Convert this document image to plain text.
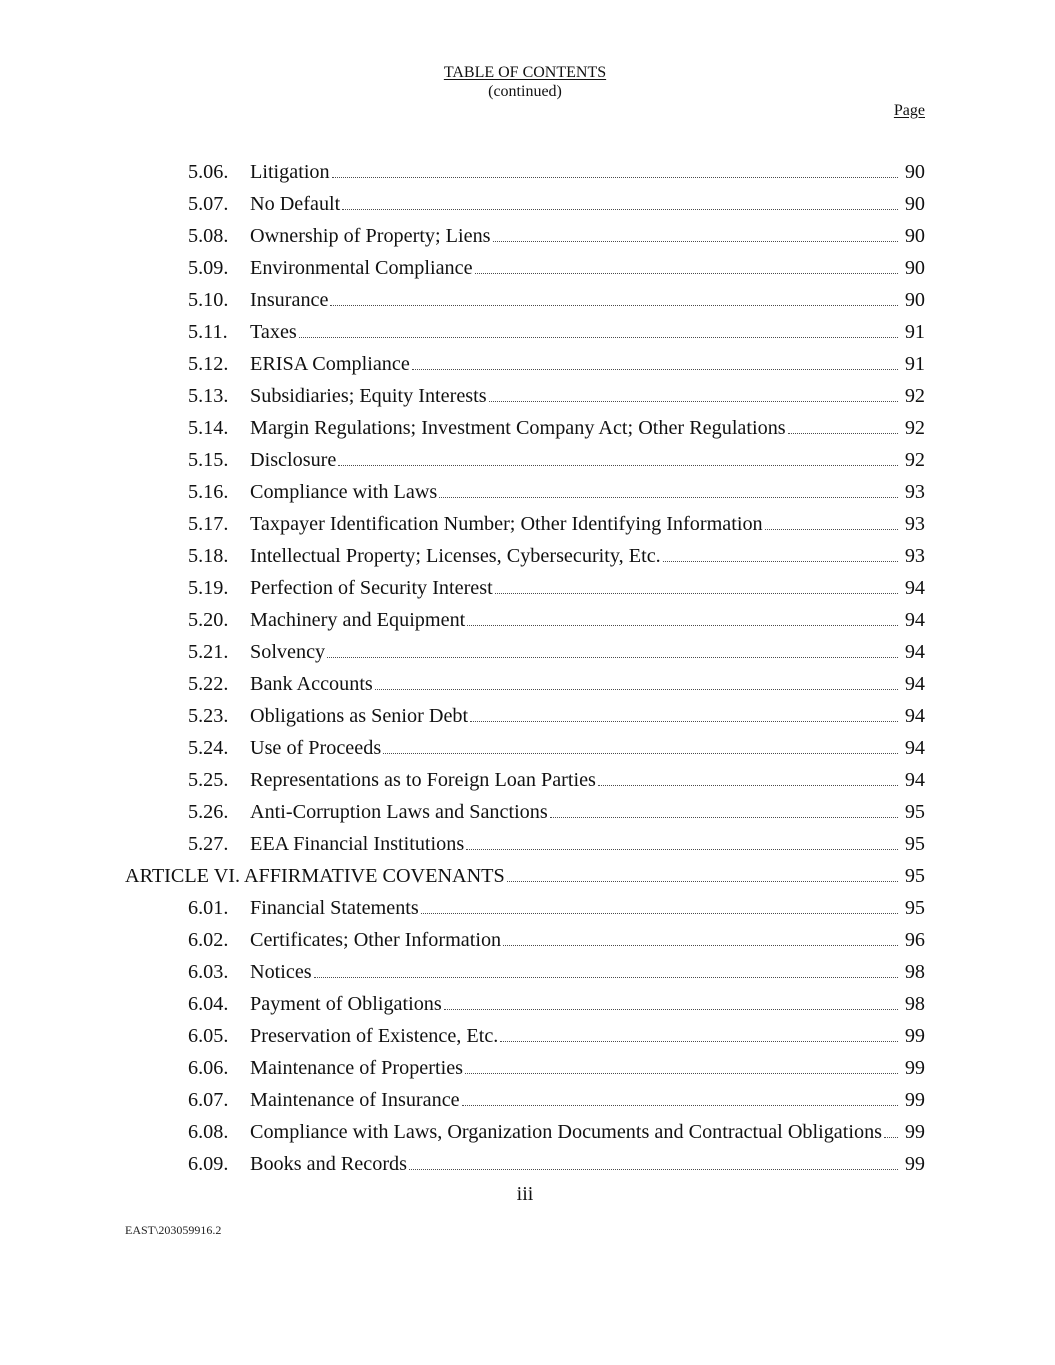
TABLE OF CONTENTS
(continued)
Page
5.06.	Litigation	90
5.07.	No Default	90
5.08.	Ownership of Property; Liens	90
5.09.	Environmental Compliance	90
5.10.	Insurance	90
5.11.	Taxes	91
5.12.	ERISA Compliance	91
5.13.	Subsidiaries; Equity Interests	92
5.14.	Margin Regulations; Investment Company Act; Other Regulations	92
5.15.	Disclosure	92
5.16.	Compliance with Laws	93
5.17.	Taxpayer Identification Number; Other Identifying Information	93
5.18.	Intellectual Property; Licenses, Cybersecurity, Etc.	93
5.19.	Perfection of Security Interest	94
5.20.	Machinery and Equipment	94
5.21.	Solvency	94
5.22.	Bank Accounts	94
5.23.	Obligations as Senior Debt	94
5.24.	Use of Proceeds	94
5.25.	Representations as to Foreign Loan Parties	94
5.26.	Anti-Corruption Laws and Sanctions	95
5.27.	EEA Financial Institutions	95
ARTICLE VI. AFFIRMATIVE COVENANTS	95
6.01.	Financial Statements	95
6.02.	Certificates; Other Information	96
6.03.	Notices	98
6.04.	Payment of Obligations	98
6.05.	Preservation of Existence, Etc.	99
6.06.	Maintenance of Properties	99
6.07.	Maintenance of Insurance	99
6.08.	Compliance with Laws, Organization Documents and Contractual Obligations 99
6.09.	Books and Records	99
iii
EAST\203059916.2
